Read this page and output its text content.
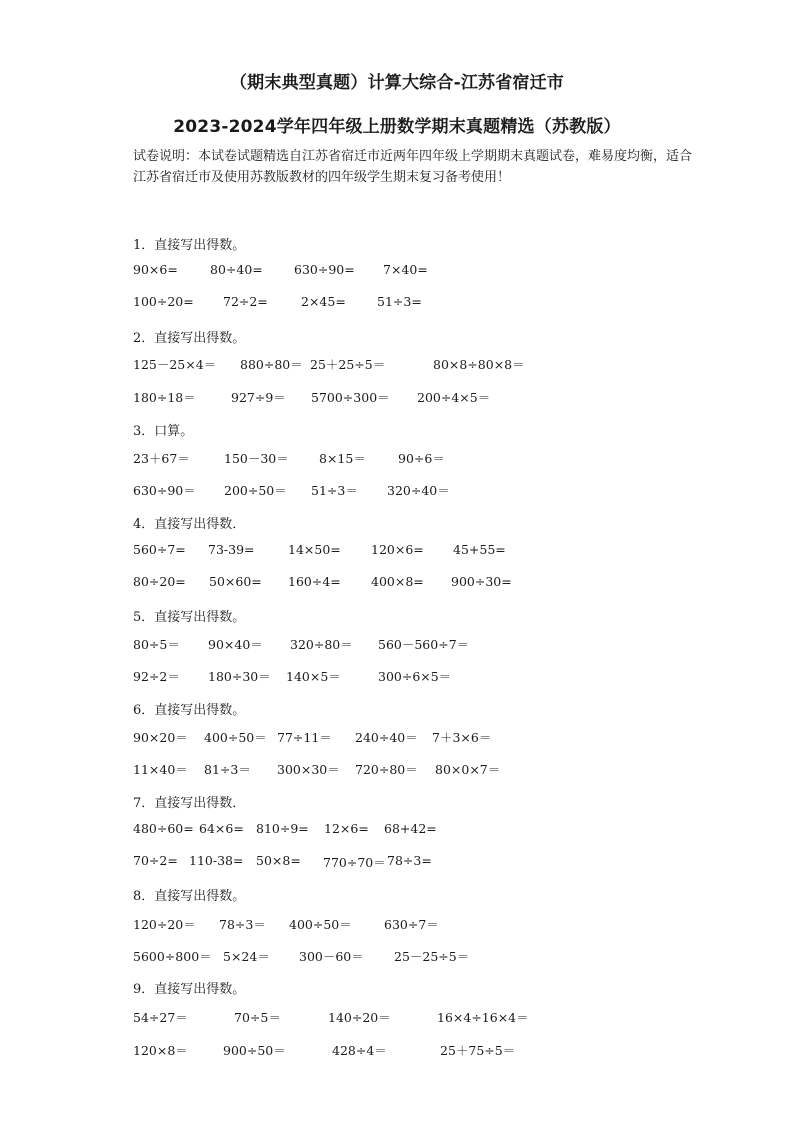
（期末典型真题）计算大综合-江苏省宿迁市
2023-2024学年四年级上册数学期末真题精选（苏教版）
试卷说明：本试卷试题精选自江苏省宿迁市近两年四年级上学期期末真题试卷，难易度均衡，适合江苏省宿迁市及使用苏教版教材的四年级学生期末复习备考使用！
1．直接写出得数。
90×6=	80÷40= 630÷90= 7×40=
100÷20= 72÷2=	2×45= 51÷3=
2．直接写出得数。
125－25×4＝ 880÷80＝ 25＋25÷5＝	80×8÷80×8＝
180÷18＝	927÷9＝ 5700÷300＝ 200÷4×5＝
3．口算。
23＋67＝	150－30＝ 8×15＝	90÷6＝
630÷90＝ 200÷50＝ 51÷3＝ 320÷40＝
4．直接写出得数．
560÷7= 73-39=	14×50= 120×6= 45+55=
80÷20= 50×60= 160÷4= 400×8= 900÷30=
5．直接写出得数。
80÷5＝ 90×40＝ 320÷80＝ 560－560÷7＝
92÷2＝ 180÷30＝ 140×5＝	300÷6×5＝
6．直接写出得数。
90×20＝ 400÷50＝ 77÷11＝ 240÷40＝ 7＋3×6＝
11×40＝ 81÷3＝ 300×30＝ 720÷80＝ 80×0×7＝
7．直接写出得数．
480÷60= 64×6= 810÷9= 12×6= 68+42=
70÷2= 110-38= 50×8= 770÷70＝ 78÷3=
8．直接写出得数。
120÷20＝ 78÷3＝ 400÷50＝	630÷7＝
5600÷800＝ 5×24＝ 300－60＝ 25－25÷5＝
9．直接写出得数。
54÷27＝	70÷5＝	140÷20＝	16×4÷16×4＝
120×8＝	900÷50＝	428÷4＝	25＋75÷5＝
